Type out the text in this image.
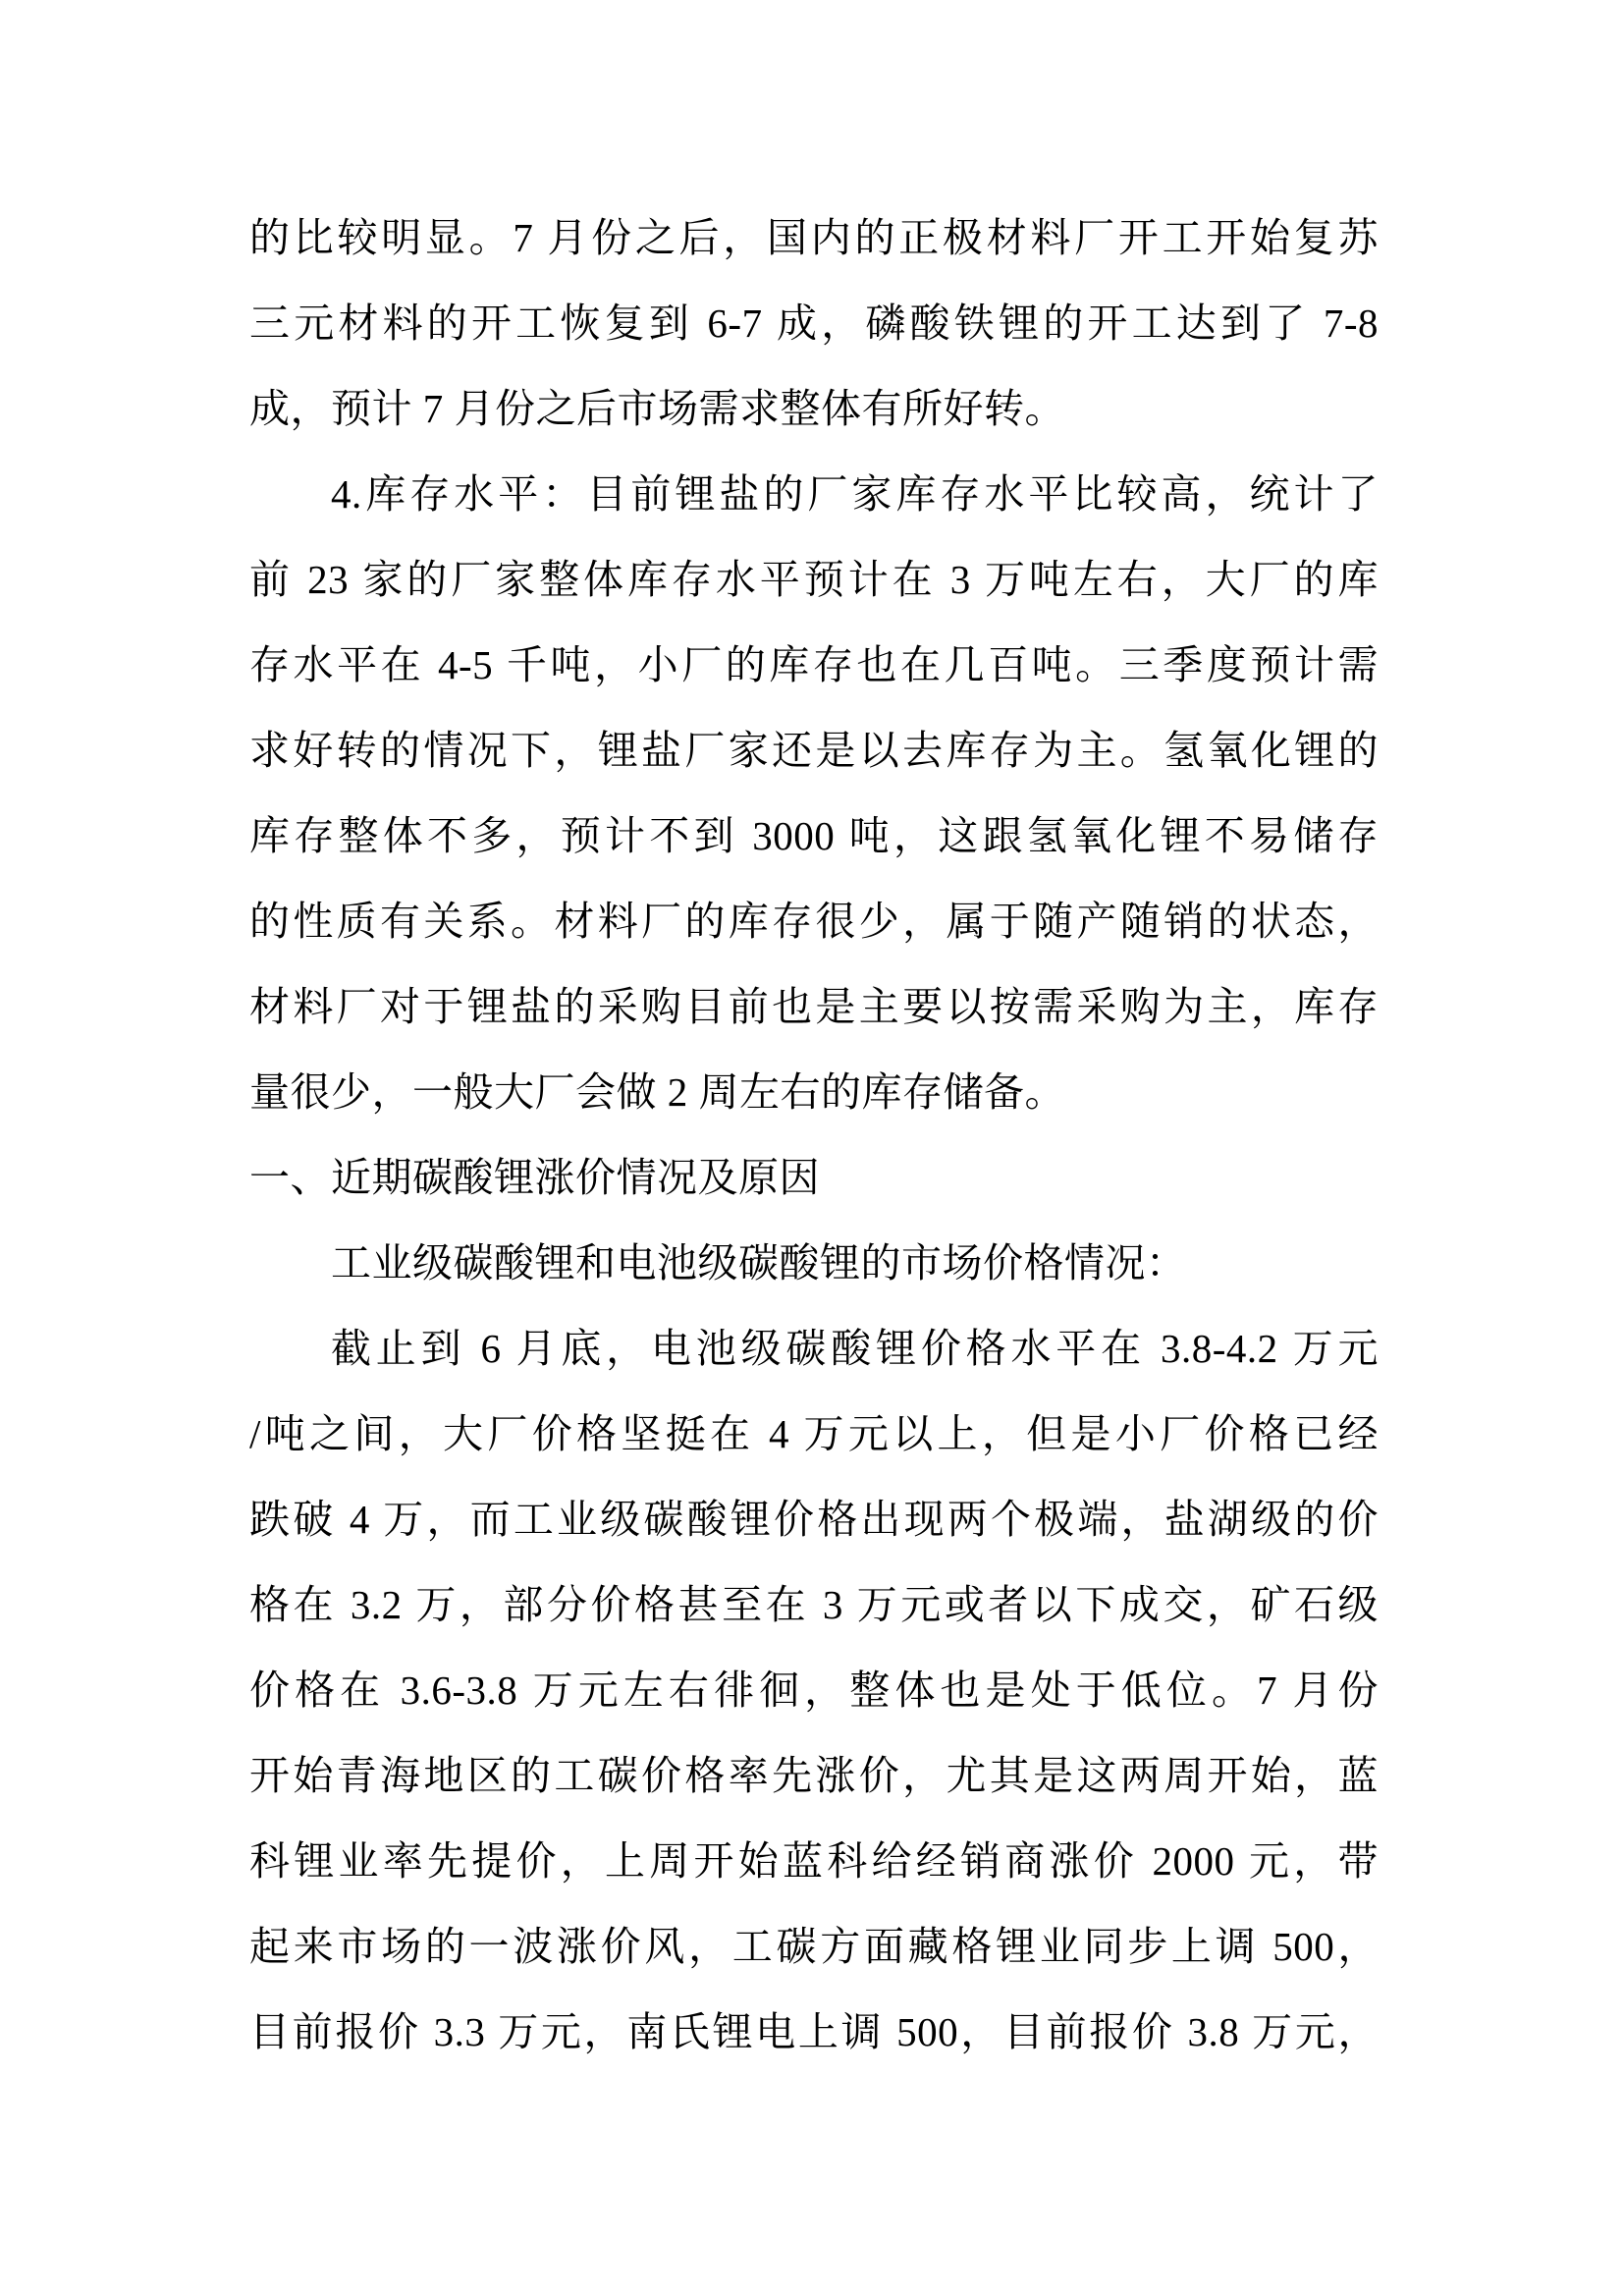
的比较明显。7 月份之后，国内的正极材料厂开工开始复苏
三元材料的开工恢复到 6-7 成，磷酸铁锂的开工达到了 7-8
成，预计 7 月份之后市场需求整体有所好转。
4.库存水平：目前锂盐的厂家库存水平比较高，统计了
前 23 家的厂家整体库存水平预计在 3 万吨左右，大厂的库
存水平在 4-5 千吨，小厂的库存也在几百吨。三季度预计需
求好转的情况下，锂盐厂家还是以去库存为主。氢氧化锂的
库存整体不多，预计不到 3000 吨，这跟氢氧化锂不易储存
的性质有关系。材料厂的库存很少，属于随产随销的状态，
材料厂对于锂盐的采购目前也是主要以按需采购为主，库存
量很少，一般大厂会做 2 周左右的库存储备。
一、近期碳酸锂涨价情况及原因
工业级碳酸锂和电池级碳酸锂的市场价格情况：
截止到 6 月底，电池级碳酸锂价格水平在 3.8-4.2 万元
/吨之间，大厂价格坚挺在 4 万元以上，但是小厂价格已经
跌破 4 万，而工业级碳酸锂价格出现两个极端，盐湖级的价
格在 3.2 万，部分价格甚至在 3 万元或者以下成交，矿石级
价格在 3.6-3.8 万元左右徘徊，整体也是处于低位。7 月份
开始青海地区的工碳价格率先涨价，尤其是这两周开始，蓝
科锂业率先提价，上周开始蓝科给经销商涨价 2000 元，带
起来市场的一波涨价风，工碳方面藏格锂业同步上调 500，
目前报价 3.3 万元，南氏锂电上调 500，目前报价 3.8 万元，
